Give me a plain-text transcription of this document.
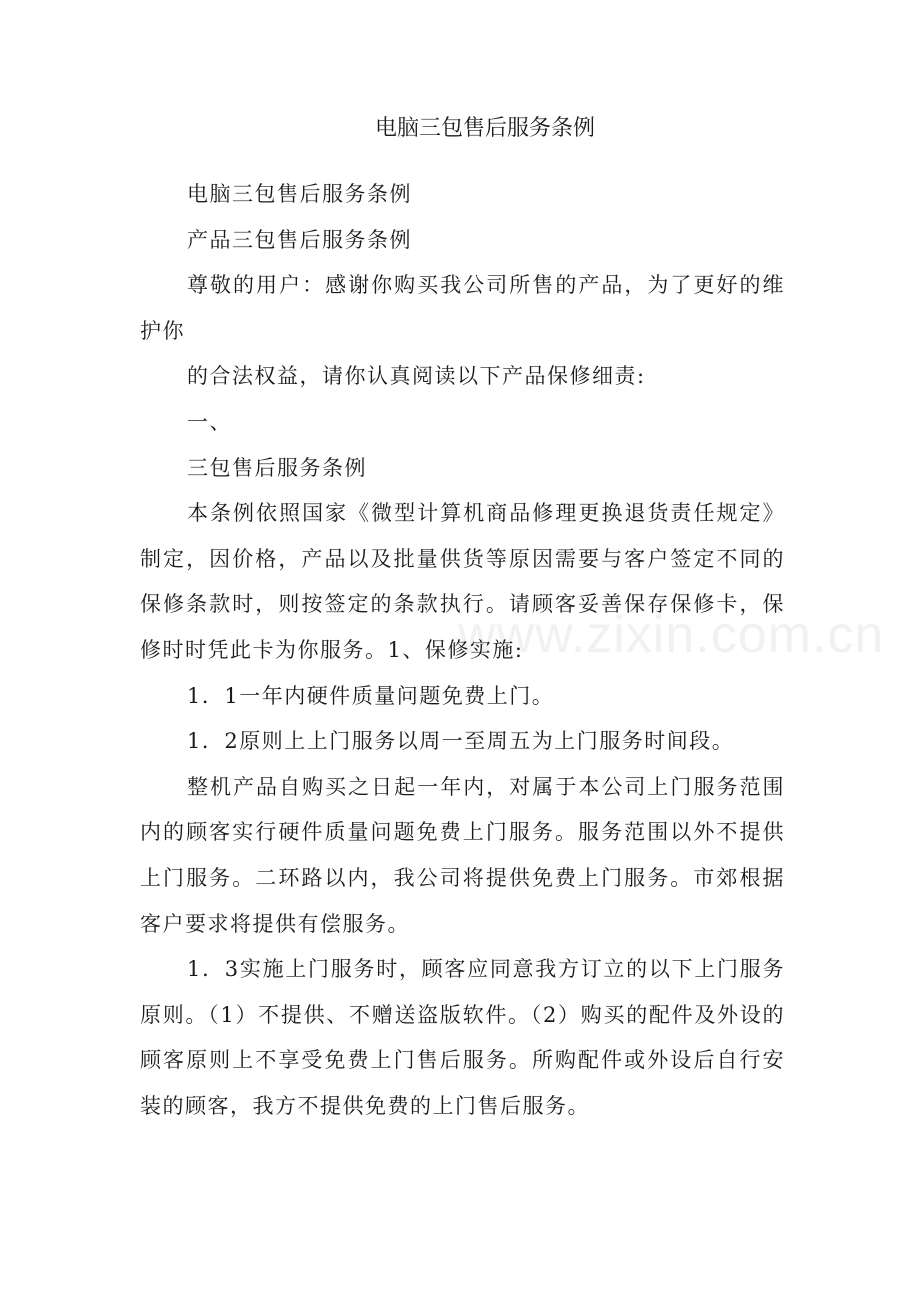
www.zixin.com.cn
电脑三包售后服务条例

电脑三包售后服务条例

产品三包售后服务条例

尊敬的用户：感谢你购买我公司所售的产品，为了更好的维护你

的合法权益，请你认真阅读以下产品保修细责:

一、

三包售后服务条例

本条例依照国家《微型计算机商品修理更换退货责任规定》制定，因价格，产品以及批量供货等原因需要与客户签定不同的保修条款时，则按签定的条款执行。请顾客妥善保存保修卡，保修时时凭此卡为你服务。1、保修实施:

1．1一年内硬件质量问题免费上门。

1．2原则上上门服务以周一至周五为上门服务时间段。

整机产品自购买之日起一年内，对属于本公司上门服务范围内的顾客实行硬件质量问题免费上门服务。服务范围以外不提供上门服务。二环路以内，我公司将提供免费上门服务。市郊根据客户要求将提供有偿服务。

1．3实施上门服务时，顾客应同意我方订立的以下上门服务原则。（1）不提供、不赠送盗版软件。（2）购买的配件及外设的顾客原则上不享受免费上门售后服务。所购配件或外设后自行安装的顾客，我方不提供免费的上门售后服务。
